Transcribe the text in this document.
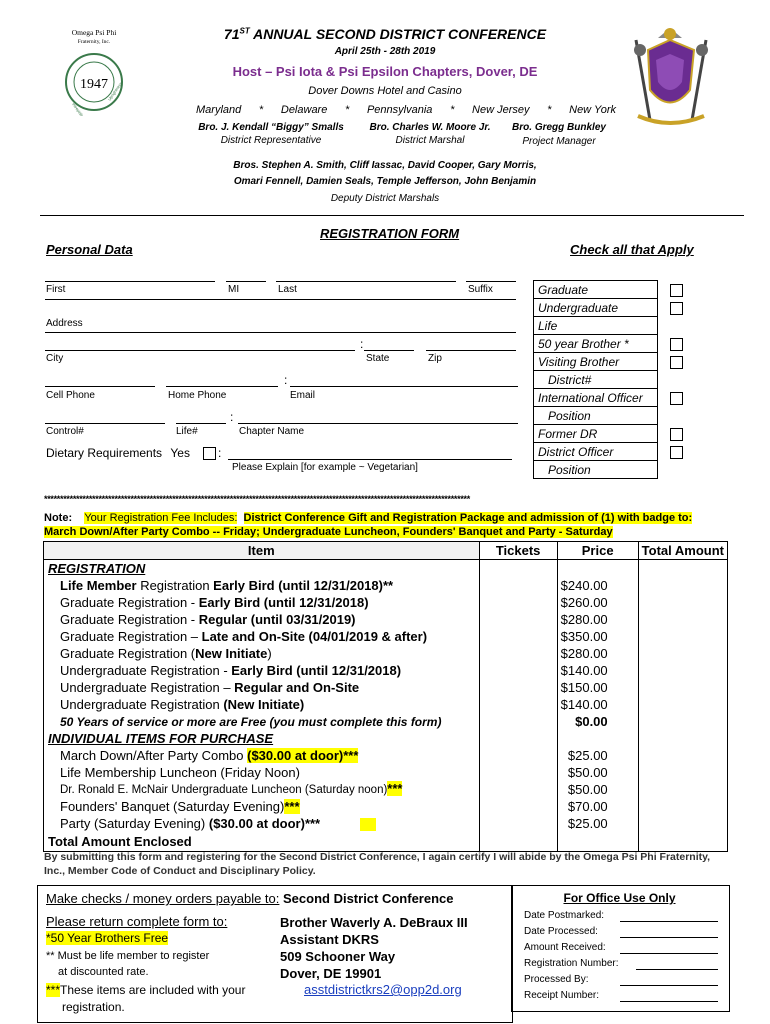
Omega Psi Phi
Fraternity, Inc.
1947
Intrepidity
Uprightness
71ST ANNUAL SECOND DISTRICT CONFERENCE
April 25th - 28th 2019
Host – Psi Iota & Psi Epsilon Chapters, Dover, DE
Dover Downs Hotel and Casino
Maryland * Delaware * Pennsylvania * New Jersey * New York
Bro. J. Kendall “Biggy” Smalls
District Representative
Bro. Charles W. Moore Jr.
District Marshal
Bro. Gregg Bunkley
Project Manager
Bros. Stephen A. Smith, Cliff Iassac, David Cooper, Gary Morris,
Omari Fennell, Damien Seals, Temple Jefferson, John Benjamin
Deputy District Marshals
REGISTRATION FORM
Personal Data	Check all that Apply
First	MI	Last	Suffix
Address
:
City	State	Zip
:
Cell Phone	Home Phone	Email
:
Control#	Life#	Chapter Name
Dietary Requirements Yes :
Please Explain [for example ~ Vegetarian]
Graduate	
Undergraduate	
Life	
50 year Brother *	
Visiting Brother	
District#	
International Officer	
Position	
Former DR	
District Officer	
Position	
*************************************************************************************************************************************
Note: Your Registration Fee Includes: District Conference Gift and Registration Package and admission of (1) with badge to:
March Down/After Party Combo -- Friday; Undergraduate Luncheon, Founders' Banquet and Party - Saturday
Item	Tickets	Price	Total Amount
REGISTRATION			
Life Member Registration Early Bird (until 12/31/2018)**		$240.00	
Graduate Registration - Early Bird (until 12/31/2018)		$260.00	
Graduate Registration - Regular (until 03/31/2019)		$280.00	
Graduate Registration – Late and On-Site (04/01/2019 & after)		$350.00	
Graduate Registration (New Initiate)		$280.00	
Undergraduate Registration - Early Bird (until 12/31/2018)		$140.00	
Undergraduate Registration – Regular and On-Site		$150.00	
Undergraduate Registration (New Initiate)		$140.00	
50 Years of service or more are Free (you must complete this form)		$0.00	
INDIVIDUAL ITEMS FOR PURCHASE			
March Down/After Party Combo ($30.00 at door)***		$25.00	
Life Membership Luncheon (Friday Noon)		$50.00	
Dr. Ronald E. McNair Undergraduate Luncheon (Saturday noon)***		$50.00	
Founders' Banquet (Saturday Evening)***		$70.00	
Party (Saturday Evening) ($30.00 at door)***		$25.00	
Total Amount Enclosed			
By submitting this form and registering for the Second District Conference, I again certify I will abide by the Omega Psi Phi Fraternity, Inc., Member Code of Conduct and Disciplinary Policy.
Make checks / money orders payable to: Second District Conference
Please return complete form to:
*50 Year Brothers Free
** Must be life member to register
at discounted rate.
***These items are included with your
registration.
Brother Waverly A. DeBraux III
Assistant DKRS
509 Schooner Way
Dover, DE 19901
asstdistrictkrs2@opp2d.org
For Office Use Only
Date Postmarked:
Date Processed:
Amount Received:
Registration Number:
Processed By:
Receipt Number:
